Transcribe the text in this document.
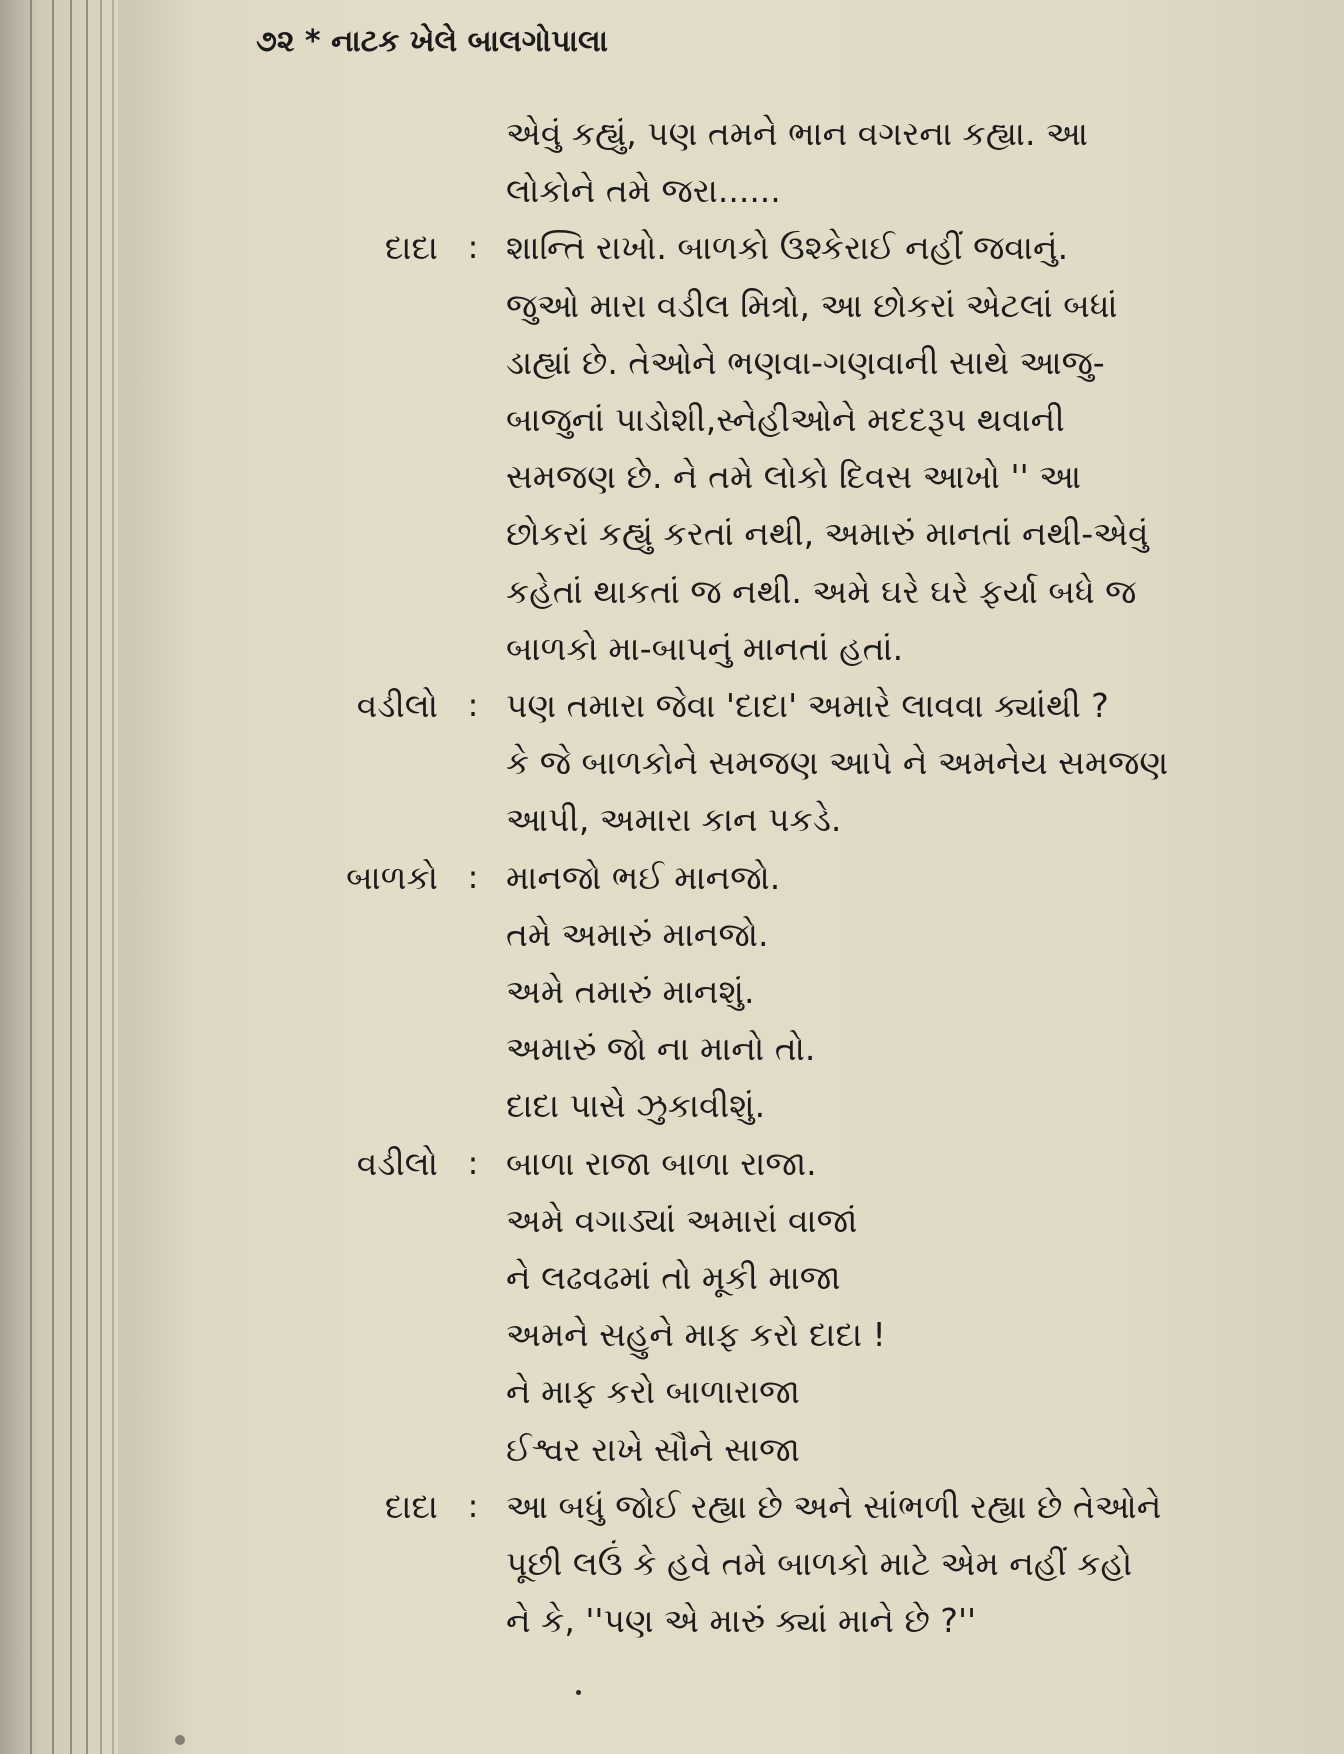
૭૨ * નાટક ખેલે બાલગોપાલા
એવું કહ્યું, પણ તમને ભાન વગરના કહ્યા. આ
લોકોને તમે જરા......
દાદા : શાન્તિ રાખો. બાળકો ઉશ્કેરાઈ નહીં જવાનું.
જુઓ મારા વડીલ મિત્રો, આ છોકરાં એટલાં બધાં
ડાહ્યાં છે. તેઓને ભણવા-ગણવાની સાથે આજુ-
બાજુનાં પાડોશી,સ્નેહીઓને મદદરૂપ થવાની
સમજણ છે. ને તમે લોકો દિવસ આખો '' આ
છોકરાં કહ્યું કરતાં નથી, અમારું માનતાં નથી-એવું
કહેતાં થાકતાં જ નથી. અમે ઘરે ઘરે ફર્યા બધે જ
બાળકો મા-બાપનું માનતાં હતાં.
વડીલો : પણ તમારા જેવા 'દાદા' અમારે લાવવા ક્યાંથી ?
કે જે બાળકોને સમજણ આપે ને અમનેય સમજણ
આપી, અમારા કાન પકડે.
બાળકો : માનજો ભઈ માનજો.
તમે અમારું માનજો.
અમે તમારું માનશું.
અમારું જો ના માનો તો.
દાદા પાસે ઝુકાવીશું.
વડીલો : બાળા રાજા બાળા રાજા.
અમે વગાડ્યાં અમારાં વાજાં
ને લઢવઢમાં તો મૂકી માજા
અમને સહુને માફ કરો દાદા !
ને માફ કરો બાળારાજા
ઈશ્વર રાખે સૌને સાજા
દાદા : આ બધું જોઈ રહ્યા છે અને સાંભળી રહ્યા છે તેઓને
પૂછી લઉં કે હવે તમે બાળકો માટે એમ નહીં કહો
ને કે, ''પણ એ મારું ક્યાં માને છે ?''
